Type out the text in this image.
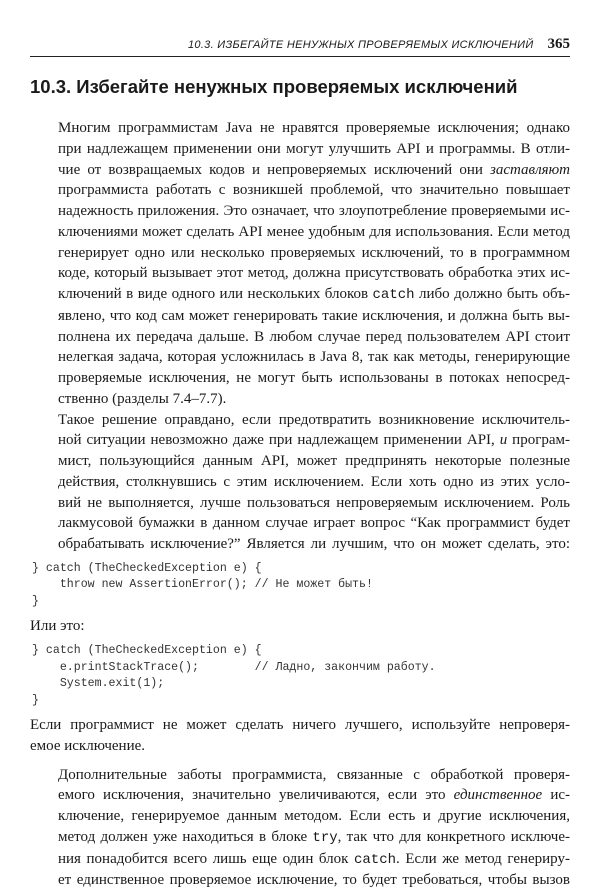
10.3. ИЗБЕГАЙТЕ НЕНУЖНЫХ ПРОВЕРЯЕМЫХ ИСКЛЮЧЕНИЙ 365
10.3. Избегайте ненужных проверяемых исключений

Многим программистам Java не нравятся проверяемые исключения; однако
при надлежащем применении они могут улучшить API и программы. В отли-
чие от возвращаемых кодов и непроверяемых исключений они заставляют
программиста работать с возникшей проблемой, что значительно повышает
надежность приложения. Это означает, что злоупотребление проверяемыми ис-
ключениями может сделать API менее удобным для использования. Если метод
генерирует одно или несколько проверяемых исключений, то в программном
коде, который вызывает этот метод, должна присутствовать обработка этих ис-
ключений в виде одного или нескольких блоков catch либо должно быть объ-
явлено, что код сам может генерировать такие исключения, и должна быть вы-
полнена их передача дальше. В любом случае перед пользователем API стоит
нелегкая задача, которая усложнилась в Java 8, так как методы, генерирующие
проверяемые исключения, не могут быть использованы в потоках непосред-
ственно (разделы 7.4–7.7).

Такое решение оправдано, если предотвратить возникновение исключитель-
ной ситуации невозможно даже при надлежащем применении API, и програм-
мист, пользующийся данным API, может предпринять некоторые полезные
действия, столкнувшись с этим исключением. Если хоть одно из этих усло-
вий не выполняется, лучше пользоваться непроверяемым исключением. Роль
лакмусовой бумажки в данном случае играет вопрос “Как программист будет
обрабатывать исключение?” Является ли лучшим, что он может сделать, это:

} catch (TheCheckedException e) {
throw new AssertionError(); // Не может быть!
}

Или это:

} catch (TheCheckedException e) {
e.printStackTrace();        // Ладно, закончим работу.
System.exit(1);
}

Если программист не может сделать ничего лучшего, используйте непроверя-
емое исключение.

Дополнительные заботы программиста, связанные с обработкой проверя-
емого исключения, значительно увеличиваются, если это единственное ис-
ключение, генерируемое данным методом. Если есть и другие исключения,
метод должен уже находиться в блоке try, так что для конкретного исключе-
ния понадобится всего лишь еще один блок catch. Если же метод генериру-
ет единственное проверяемое исключение, то будет требоваться, чтобы вызов
